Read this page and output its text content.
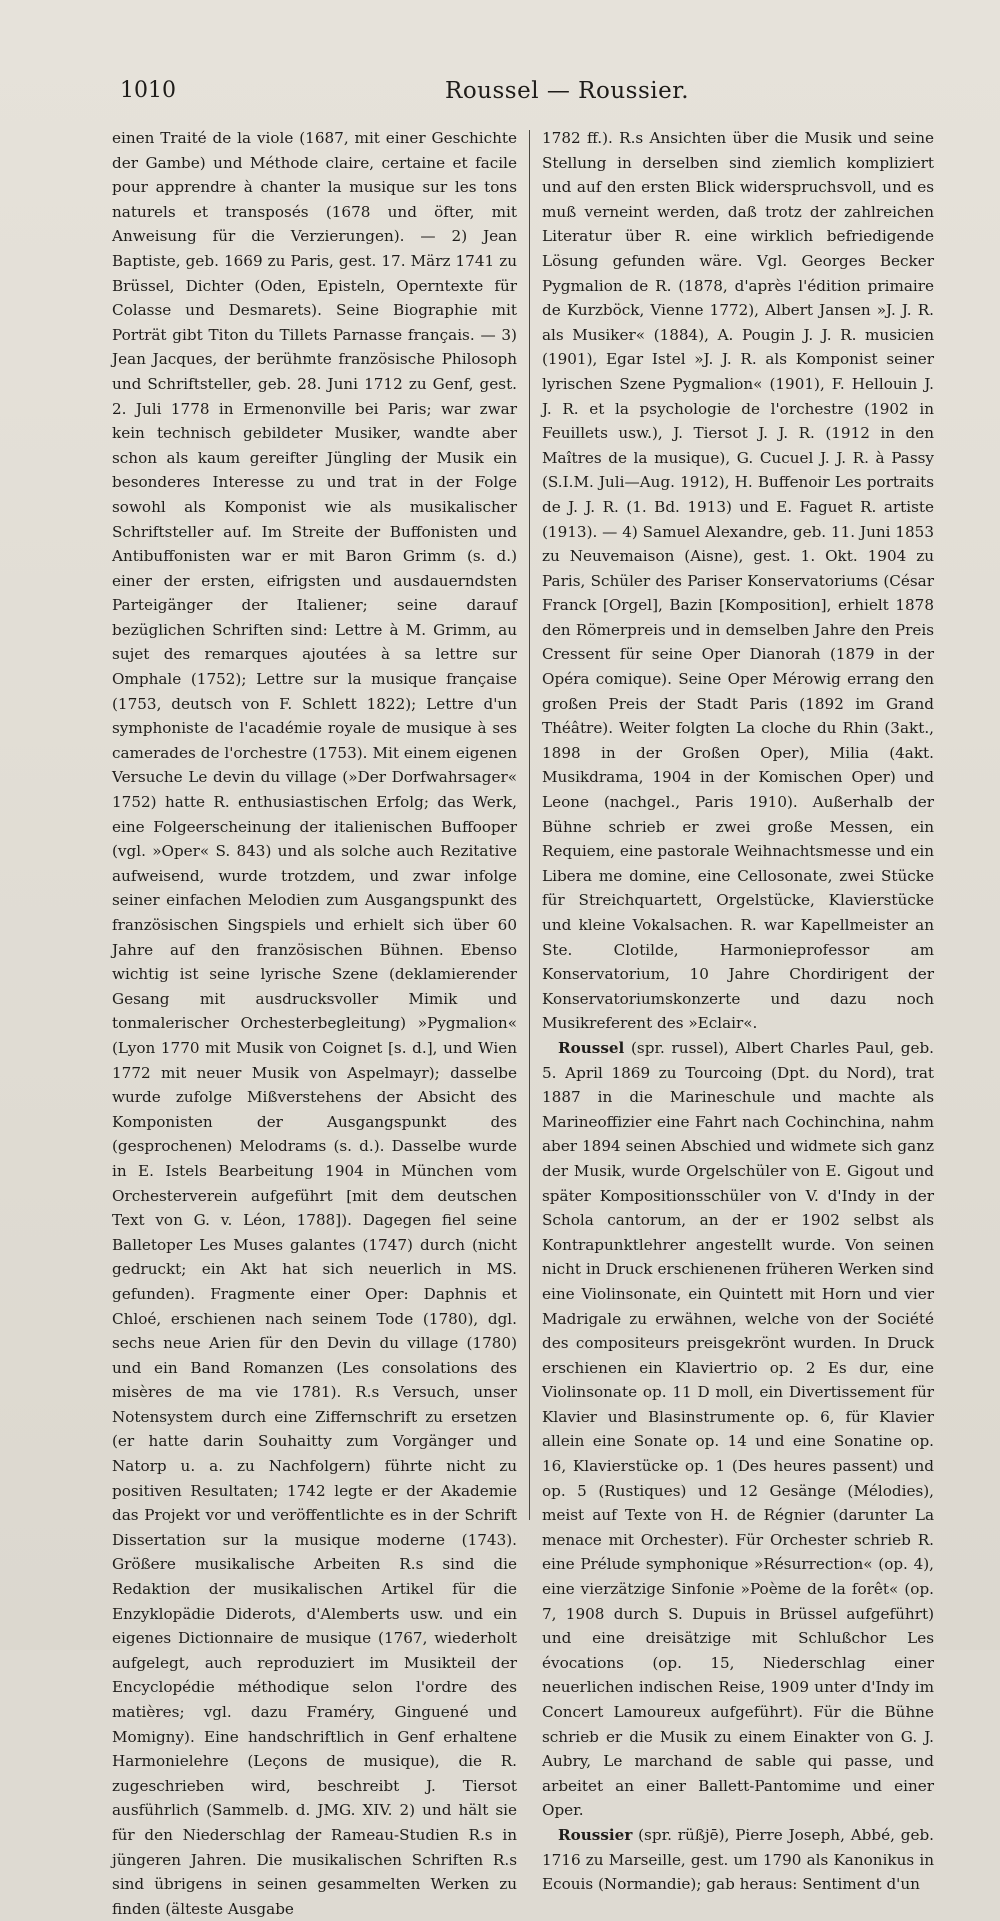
1010	Roussel — Roussier.

einen Traité de la viole (1687, mit einer Geschichte der Gambe) und Méthode claire, certaine et facile pour apprendre à chanter la musique sur les tons naturels et transposés (1678 und öfter, mit Anweisung für die Verzierungen). — 2) Jean Baptiste, geb. 1669 zu Paris, gest. 17. März 1741 zu Brüssel, Dichter (Oden, Episteln, Operntexte für Colasse und Desmarets). Seine Biographie mit Porträt gibt Titon du Tillets Parnasse français. — 3) Jean Jacques, der berühmte französische Philosoph und Schriftsteller, geb. 28. Juni 1712 zu Genf, gest. 2. Juli 1778 in Ermenonville bei Paris; war zwar kein technisch gebildeter Musiker, wandte aber schon als kaum gereifter Jüngling der Musik ein besonderes Interesse zu und trat in der Folge sowohl als Komponist wie als musikalischer Schriftsteller auf. Im Streite der Buffonisten und Antibuffonisten war er mit Baron Grimm (s. d.) einer der ersten, eifrigsten und ausdauerndsten Parteigänger der Italiener; seine darauf bezüglichen Schriften sind: Lettre à M. Grimm, au sujet des remarques ajoutées à sa lettre sur Omphale (1752); Lettre sur la musique française (1753, deutsch von F. Schlett 1822); Lettre d'un symphoniste de l'académie royale de musique à ses camerades de l'orchestre (1753). Mit einem eigenen Versuche Le devin du village (»Der Dorfwahrsager« 1752) hatte R. enthusiastischen Erfolg; das Werk, eine Folgeerscheinung der italienischen Buffooper (vgl. »Oper« S. 843) und als solche auch Rezitative aufweisend, wurde trotzdem, und zwar infolge seiner einfachen Melodien zum Ausgangspunkt des französischen Singspiels und erhielt sich über 60 Jahre auf den französischen Bühnen. Ebenso wichtig ist seine lyrische Szene (deklamierender Gesang mit ausdrucksvoller Mimik und tonmalerischer Orchesterbegleitung) »Pygmalion« (Lyon 1770 mit Musik von Coignet [s. d.], und Wien 1772 mit neuer Musik von Aspelmayr); dasselbe wurde zufolge Mißverstehens der Absicht des Komponisten der Ausgangspunkt des (gesprochenen) Melodrams (s. d.). Dasselbe wurde in E. Istels Bearbeitung 1904 in München vom Orchesterverein aufgeführt [mit dem deutschen Text von G. v. Léon, 1788]). Dagegen fiel seine Balletoper Les Muses galantes (1747) durch (nicht gedruckt; ein Akt hat sich neuerlich in MS. gefunden). Fragmente einer Oper: Daphnis et Chloé, erschienen nach seinem Tode (1780), dgl. sechs neue Arien für den Devin du village (1780) und ein Band Romanzen (Les consolations des misères de ma vie 1781). R.s Versuch, unser Notensystem durch eine Ziffernschrift zu ersetzen (er hatte darin Souhaitty zum Vorgänger und Natorp u. a. zu Nachfolgern) führte nicht zu positiven Resultaten; 1742 legte er der Akademie das Projekt vor und veröffentlichte es in der Schrift Dissertation sur la musique moderne (1743). Größere musikalische Arbeiten R.s sind die Redaktion der musikalischen Artikel für die Enzyklopädie Diderots, d'Alemberts usw. und ein eigenes Dictionnaire de musique (1767, wiederholt aufgelegt, auch reproduziert im Musikteil der Encyclopédie méthodique selon l'ordre des matières; vgl. dazu Framéry, Ginguené und Momigny). Eine handschriftlich in Genf erhaltene Harmonielehre (Leçons de musique), die R. zugeschrieben wird, beschreibt J. Tiersot ausführlich (Sammelb. d. JMG. XIV. 2) und hält sie für den Niederschlag der Rameau-Studien R.s in jüngeren Jahren. Die musikalischen Schriften R.s sind übrigens in seinen gesammelten Werken zu finden (älteste Ausgabe

1782 ff.). R.s Ansichten über die Musik und seine Stellung in derselben sind ziemlich kompliziert und auf den ersten Blick widerspruchsvoll, und es muß verneint werden, daß trotz der zahlreichen Literatur über R. eine wirklich befriedigende Lösung gefunden wäre. Vgl. Georges Becker Pygmalion de R. (1878, d'après l'édition primaire de Kurzböck, Vienne 1772), Albert Jansen »J. J. R. als Musiker« (1884), A. Pougin J. J. R. musicien (1901), Egar Istel »J. J. R. als Komponist seiner lyrischen Szene Pygmalion« (1901), F. Hellouin J. J. R. et la psychologie de l'orchestre (1902 in Feuillets usw.), J. Tiersot J. J. R. (1912 in den Maîtres de la musique), G. Cucuel J. J. R. à Passy (S.I.M. Juli—Aug. 1912), H. Buffenoir Les portraits de J. J. R. (1. Bd. 1913) und E. Faguet R. artiste (1913). — 4) Samuel Alexandre, geb. 11. Juni 1853 zu Neuvemaison (Aisne), gest. 1. Okt. 1904 zu Paris, Schüler des Pariser Konservatoriums (César Franck [Orgel], Bazin [Komposition], erhielt 1878 den Römerpreis und in demselben Jahre den Preis Cressent für seine Oper Dianorah (1879 in der Opéra comique). Seine Oper Mérowig errang den großen Preis der Stadt Paris (1892 im Grand Théâtre). Weiter folgten La cloche du Rhin (3akt., 1898 in der Großen Oper), Milia (4akt. Musikdrama, 1904 in der Komischen Oper) und Leone (nachgel., Paris 1910). Außerhalb der Bühne schrieb er zwei große Messen, ein Requiem, eine pastorale Weihnachtsmesse und ein Libera me domine, eine Cellosonate, zwei Stücke für Streichquartett, Orgelstücke, Klavierstücke und kleine Vokalsachen. R. war Kapellmeister an Ste. Clotilde, Harmonieprofessor am Konservatorium, 10 Jahre Chordirigent der Konservatoriumskonzerte und dazu noch Musikreferent des »Eclair«.

Roussel (spr. russel), Albert Charles Paul, geb. 5. April 1869 zu Tourcoing (Dpt. du Nord), trat 1887 in die Marineschule und machte als Marineoffizier eine Fahrt nach Cochinchina, nahm aber 1894 seinen Abschied und widmete sich ganz der Musik, wurde Orgelschüler von E. Gigout und später Kompositionsschüler von V. d'Indy in der Schola cantorum, an der er 1902 selbst als Kontrapunktlehrer angestellt wurde. Von seinen nicht in Druck erschienenen früheren Werken sind eine Violinsonate, ein Quintett mit Horn und vier Madrigale zu erwähnen, welche von der Société des compositeurs preisgekrönt wurden. In Druck erschienen ein Klaviertrio op. 2 Es dur, eine Violinsonate op. 11 D moll, ein Divertissement für Klavier und Blasinstrumente op. 6, für Klavier allein eine Sonate op. 14 und eine Sonatine op. 16, Klavierstücke op. 1 (Des heures passent) und op. 5 (Rustiques) und 12 Gesänge (Mélodies), meist auf Texte von H. de Régnier (darunter La menace mit Orchester). Für Orchester schrieb R. eine Prélude symphonique »Résurrection« (op. 4), eine vierzätzige Sinfonie »Poème de la forêt« (op. 7, 1908 durch S. Dupuis in Brüssel aufgeführt) und eine dreisätzige mit Schlußchor Les évocations (op. 15, Niederschlag einer neuerlichen indischen Reise, 1909 unter d'Indy im Concert Lamoureux aufgeführt). Für die Bühne schrieb er die Musik zu einem Einakter von G. J. Aubry, Le marchand de sable qui passe, und arbeitet an einer Ballett-Pantomime und einer Oper.

Roussier (spr. rüßjē), Pierre Joseph, Abbé, geb. 1716 zu Marseille, gest. um 1790 als Kanonikus in Ecouis (Normandie); gab heraus: Sentiment d'un
